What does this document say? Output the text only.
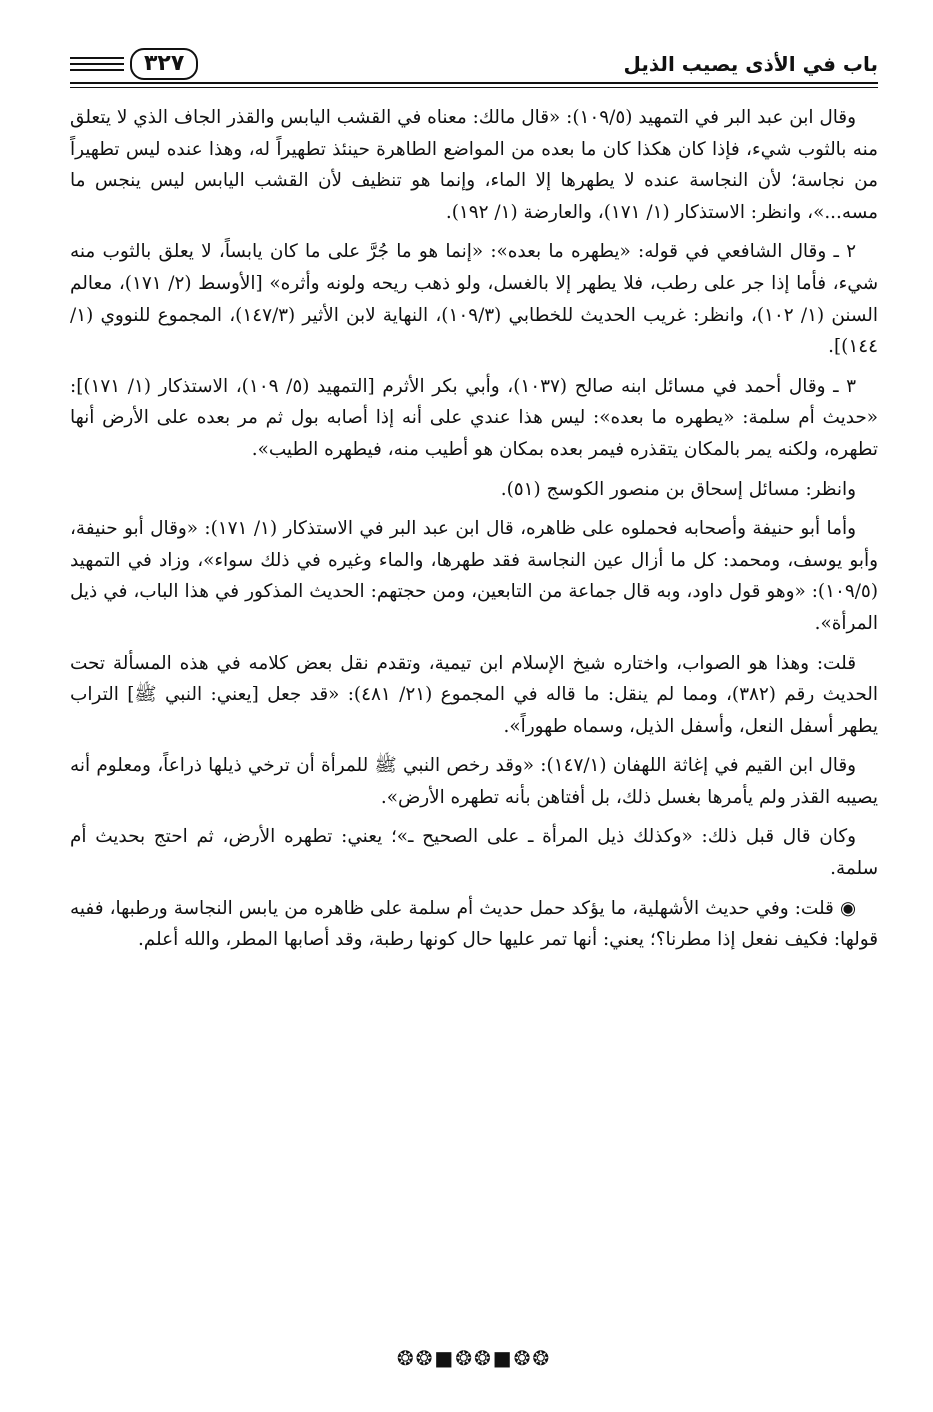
باب في الأذى يصيب الذيل
٣٢٧

وقال ابن عبد البر في التمهيد (١٠٩/٥): «قال مالك: معناه في القشب اليابس والقذر الجاف الذي لا يتعلق منه بالثوب شيء، فإذا كان هكذا كان ما بعده من المواضع الطاهرة حينئذ تطهيراً له، وهذا عنده ليس تطهيراً من نجاسة؛ لأن النجاسة عنده لا يطهرها إلا الماء، وإنما هو تنظيف لأن القشب اليابس ليس ينجس ما مسه...»، وانظر: الاستذكار (١/ ١٧١)، والعارضة (١/ ١٩٢).

٢ ـ وقال الشافعي في قوله: «يطهره ما بعده»: «إنما هو ما جُرَّ على ما كان يابساً، لا يعلق بالثوب منه شيء، فأما إذا جر على رطب، فلا يطهر إلا بالغسل، ولو ذهب ريحه ولونه وأثره» [الأوسط (٢/ ١٧١)، معالم السنن (١/ ١٠٢)، وانظر: غريب الحديث للخطابي (١٠٩/٣)، النهاية لابن الأثير (١٤٧/٣)، المجموع للنووي (١/ ١٤٤)].

٣ ـ وقال أحمد في مسائل ابنه صالح (١٠٣٧)، وأبي بكر الأثرم [التمهيد (٥/ ١٠٩)، الاستذكار (١/ ١٧١)]: «حديث أم سلمة: «يطهره ما بعده»: ليس هذا عندي على أنه إذا أصابه بول ثم مر بعده على الأرض أنها تطهره، ولكنه يمر بالمكان يتقذره فيمر بعده بمكان هو أطيب منه، فيطهره الطيب».

وانظر: مسائل إسحاق بن منصور الكوسج (٥١).

وأما أبو حنيفة وأصحابه فحملوه على ظاهره، قال ابن عبد البر في الاستذكار (١/ ١٧١): «وقال أبو حنيفة، وأبو يوسف، ومحمد: كل ما أزال عين النجاسة فقد طهرها، والماء وغيره في ذلك سواء»، وزاد في التمهيد (١٠٩/٥): «وهو قول داود، وبه قال جماعة من التابعين، ومن حجتهم: الحديث المذكور في هذا الباب، في ذيل المرأة».

قلت: وهذا هو الصواب، واختاره شيخ الإسلام ابن تيمية، وتقدم نقل بعض كلامه في هذه المسألة تحت الحديث رقم (٣٨٢)، ومما لم ينقل: ما قاله في المجموع (٢١/ ٤٨١): «قد جعل [يعني: النبي ﷺ] التراب يطهر أسفل النعل، وأسفل الذيل، وسماه طهوراً».

وقال ابن القيم في إغاثة اللهفان (١٤٧/١): «وقد رخص النبي ﷺ للمرأة أن ترخي ذيلها ذراعاً، ومعلوم أنه يصيبه القذر ولم يأمرها بغسل ذلك، بل أفتاهن بأنه تطهره الأرض».

وكان قال قبل ذلك: «وكذلك ذيل المرأة ـ على الصحيح ـ»؛ يعني: تطهره الأرض، ثم احتج بحديث أم سلمة.

◉ قلت: وفي حديث الأشهلية، ما يؤكد حمل حديث أم سلمة على ظاهره من يابس النجاسة ورطبها، ففيه قولها: فكيف نفعل إذا مطرنا؟؛ يعني: أنها تمر عليها حال كونها رطبة، وقد أصابها المطر، والله أعلم.

❂❂■❂❂■❂❂
